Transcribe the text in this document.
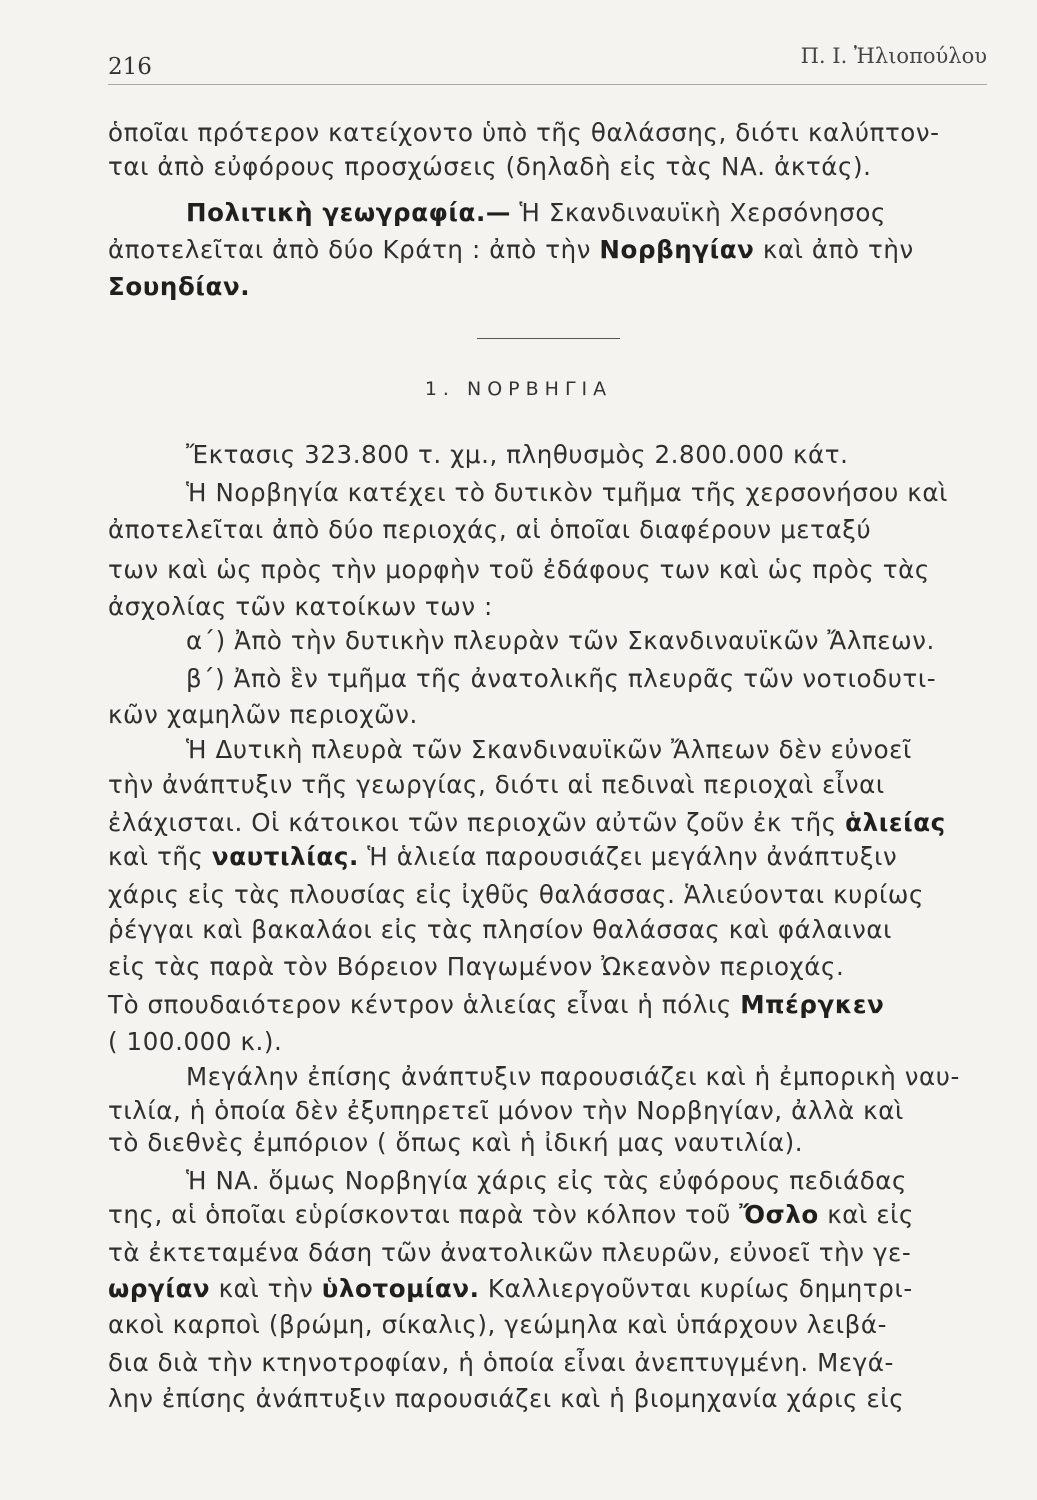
216	Π. Ι. Ἠλιοπούλου
ὁποῖαι πρότερον κατείχοντο ὑπὸ τῆς θαλάσσης, διότι καλύπτον-
ται ἀπὸ εὐφόρους προσχώσεις (δηλαδὴ εἰς τὰς ΝΑ. ἀκτάς).
Πολιτικὴ γεωγραφία.— Ἡ Σκανδιναυϊκὴ Χερσόνησος
ἀποτελεῖται ἀπὸ δύο Κράτη : ἀπὸ τὴν Νορβηγίαν καὶ ἀπὸ τὴν
Σουηδίαν.
1. ΝΟΡΒΗΓΙΑ
Ἔκτασις 323.800 τ. χμ., πληθυσμὸς 2.800.000 κάτ.
Ἡ Νορβηγία κατέχει τὸ δυτικὸν τμῆμα τῆς χερσονήσου καὶ
ἀποτελεῖται ἀπὸ δύο περιοχάς, αἱ ὁποῖαι διαφέρουν μεταξύ
των καὶ ὡς πρὸς τὴν μορφὴν τοῦ ἐδάφους των καὶ ὡς πρὸς τὰς
ἀσχολίας τῶν κατοίκων των :
α΄) Ἀπὸ τὴν δυτικὴν πλευρὰν τῶν Σκανδιναυϊκῶν Ἄλπεων.
β΄) Ἀπὸ ἓν τμῆμα τῆς ἀνατολικῆς πλευρᾶς τῶν νοτιοδυτι-
κῶν χαμηλῶν περιοχῶν.
Ἡ Δυτικὴ πλευρὰ τῶν Σκανδιναυϊκῶν Ἄλπεων δὲν εὐνοεῖ
τὴν ἀνάπτυξιν τῆς γεωργίας, διότι αἱ πεδιναὶ περιοχαὶ εἶναι
ἐλάχισται. Οἱ κάτοικοι τῶν περιοχῶν αὐτῶν ζοῦν ἐκ τῆς ἁλιείας
καὶ τῆς ναυτιλίας. Ἡ ἁλιεία παρουσιάζει μεγάλην ἀνάπτυξιν
χάρις εἰς τὰς πλουσίας εἰς ἰχθῦς θαλάσσας. Ἁλιεύονται κυρίως
ῥέγγαι καὶ βακαλάοι εἰς τὰς πλησίον θαλάσσας καὶ φάλαιναι
εἰς τὰς παρὰ τὸν Βόρειον Παγωμένον Ὠκεανὸν περιοχάς.
Τὸ σπουδαιότερον κέντρον ἁλιείας εἶναι ἡ πόλις Μπέργκεν
( 100.000 κ.).
Μεγάλην ἐπίσης ἀνάπτυξιν παρουσιάζει καὶ ἡ ἐμπορικὴ ναυ-
τιλία, ἡ ὁποία δὲν ἐξυπηρετεῖ μόνον τὴν Νορβηγίαν, ἀλλὰ καὶ
τὸ διεθνὲς ἐμπόριον ( ὅπως καὶ ἡ ἰδική μας ναυτιλία).
Ἡ ΝΑ. ὅμως Νορβηγία χάρις εἰς τὰς εὐφόρους πεδιάδας
της, αἱ ὁποῖαι εὑρίσκονται παρὰ τὸν κόλπον τοῦ Ὄσλο καὶ εἰς
τὰ ἐκτεταμένα δάση τῶν ἀνατολικῶν πλευρῶν, εὐνοεῖ τὴν γε-
ωργίαν καὶ τὴν ὑλοτομίαν. Καλλιεργοῦνται κυρίως δημητρι-
ακοὶ καρποὶ (βρώμη, σίκαλις), γεώμηλα καὶ ὑπάρχουν λειβά-
δια διὰ τὴν κτηνοτροφίαν, ἡ ὁποία εἶναι ἀνεπτυγμένη. Μεγά-
λην ἐπίσης ἀνάπτυξιν παρουσιάζει καὶ ἡ βιομηχανία χάρις εἰς
